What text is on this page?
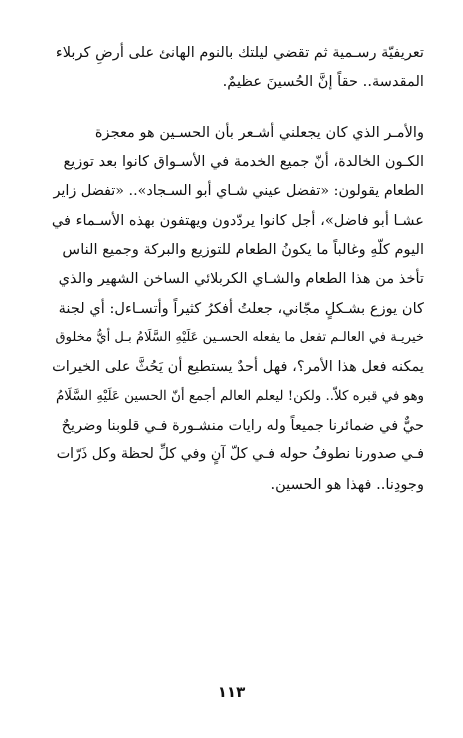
تعريفيّة رسـمية ثم تقضي ليلتك بالنوم الهانئ على أرضِ كربلاء
المقدسة.. حقاً إنَّ الحُسينَ عظيمٌ.
والأمـر الذي كان يجعلني أشـعر بأن الحسـين هو معجزة
الكـون الخالدة، أنّ جميع الخدمة في الأسـواق كانوا بعد توزيع
الطعام يقولون: «تفضل عيني شـاي أبو السـجاد».. «تفضل زاير
عشـا أبو فاضل»، أجل كانوا يردّدون ويهتفون بهذه الأسـماء في
اليوم كلّهِ وغالباً ما يكونُ الطعام للتوزيع والبركة وجميع الناس
تأخذ من هذا الطعام والشـاي الكربلائي الساخن الشهير والذي
كان يوزع بشـكلٍ مجّاني، جعلتُ أفكرُ كثيراً وأتسـاءل: أي لجنة
خيريـة في العالـم تفعل ما يفعله الحسـين عَلَيْهِ السَّلَامُ بـل أيُّ مخلوق
يمكنه فعل هذا الأمر؟، فهل أحدٌ يستطيع أن يَحُثَّ على الخيرات
وهو في قبره كلاّ.. ولكن! ليعلم العالم أجمع أنّ الحسين عَلَيْهِ السَّلَامُ
حيٌّ في ضمائرنا جميعاً وله رايات منشـورة فـي قلوبنا وضريحٌ
فـي صدورنا نطوفُ حوله فـي كلّ آنٍ وفي كلِّ لحظة وكل ذَرّات
وجودِنا.. فهذا هو الحسين.
١١٣
